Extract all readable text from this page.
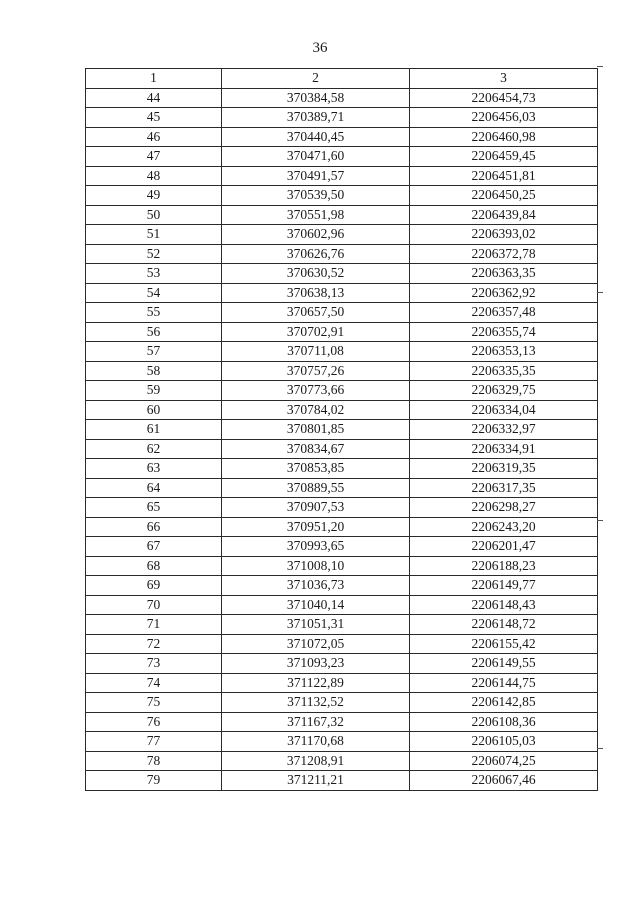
36
1	2	3
44	370384,58	2206454,73
45	370389,71	2206456,03
46	370440,45	2206460,98
47	370471,60	2206459,45
48	370491,57	2206451,81
49	370539,50	2206450,25
50	370551,98	2206439,84
51	370602,96	2206393,02
52	370626,76	2206372,78
53	370630,52	2206363,35
54	370638,13	2206362,92
55	370657,50	2206357,48
56	370702,91	2206355,74
57	370711,08	2206353,13
58	370757,26	2206335,35
59	370773,66	2206329,75
60	370784,02	2206334,04
61	370801,85	2206332,97
62	370834,67	2206334,91
63	370853,85	2206319,35
64	370889,55	2206317,35
65	370907,53	2206298,27
66	370951,20	2206243,20
67	370993,65	2206201,47
68	371008,10	2206188,23
69	371036,73	2206149,77
70	371040,14	2206148,43
71	371051,31	2206148,72
72	371072,05	2206155,42
73	371093,23	2206149,55
74	371122,89	2206144,75
75	371132,52	2206142,85
76	371167,32	2206108,36
77	371170,68	2206105,03
78	371208,91	2206074,25
79	371211,21	2206067,46
